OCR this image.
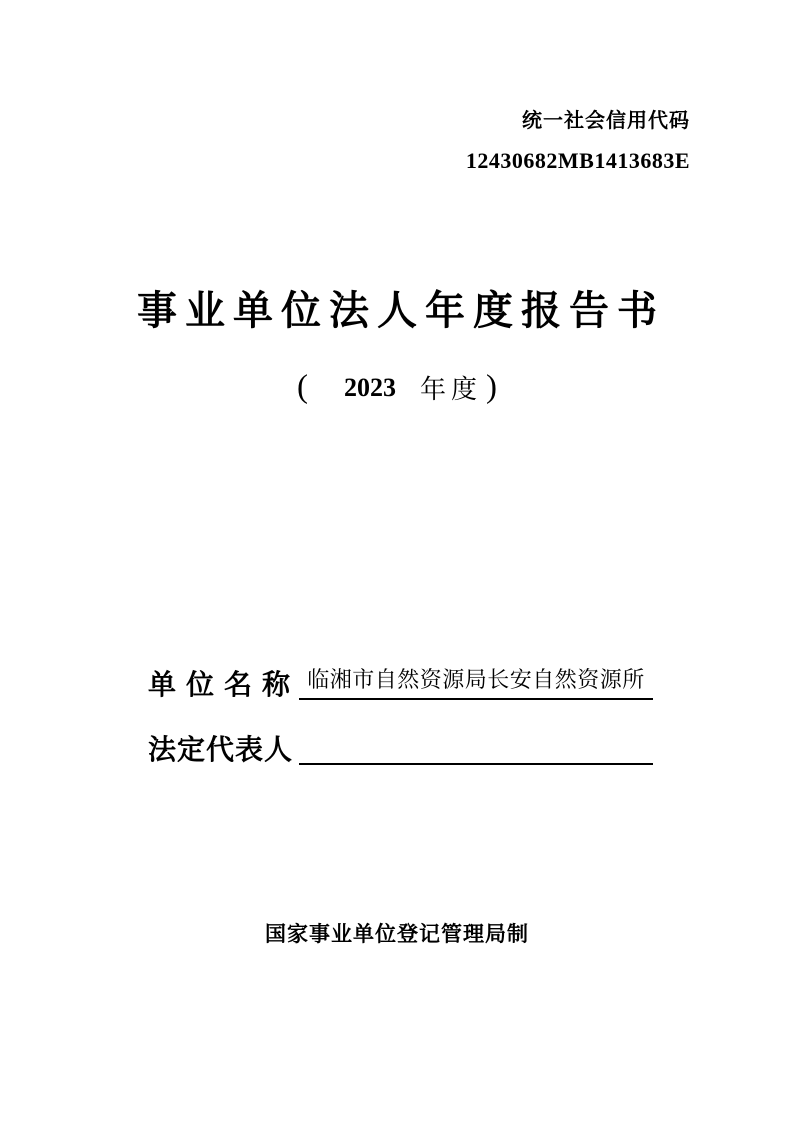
统一社会信用代码
12430682MB1413683E
事业单位法人年度报告书
( 2023 年度 )
单位名称 临湘市自然资源局长安自然资源所
法定代表人
国家事业单位登记管理局制
